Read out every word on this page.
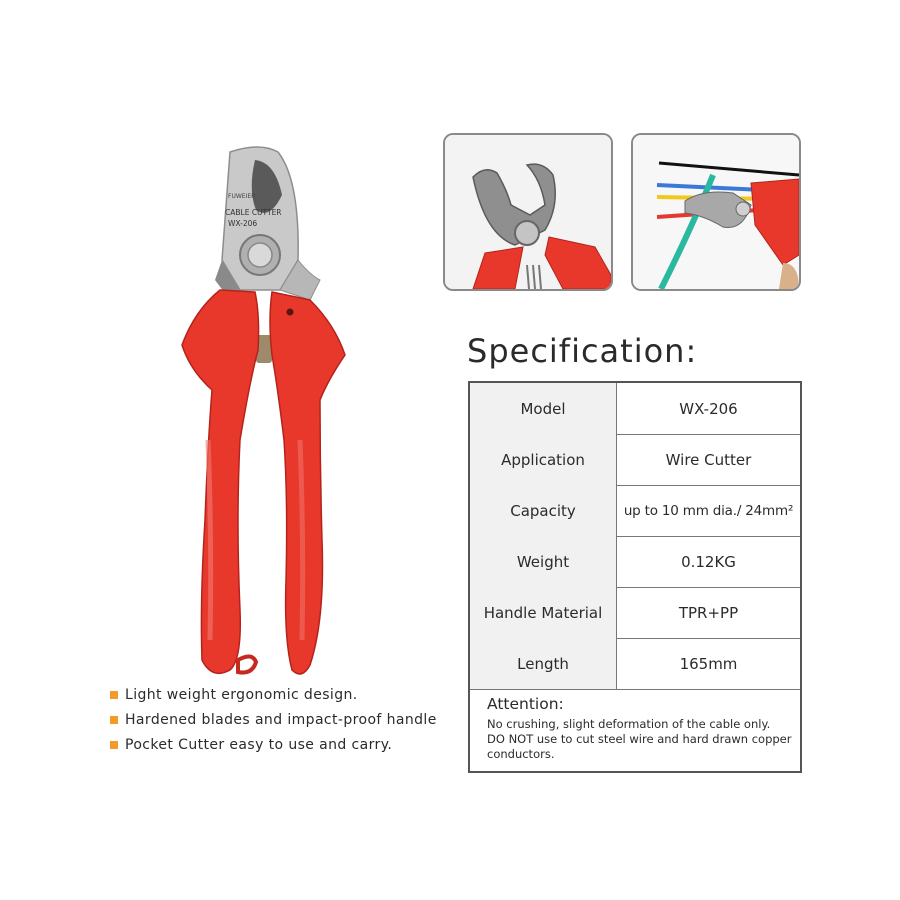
FUWEIER
CABLE CUTTER
WX-206
Specification:
Model	WX-206
Application	Wire Cutter
Capacity	up to 10 mm dia./ 24mm²
Weight	0.12KG
Handle Material	TPR+PP
Length	165mm
Attention:
No crushing, slight deformation of the cable only.
DO NOT use to cut steel wire and hard drawn copper
conductors.
Light weight ergonomic design.
Hardened blades and impact-proof handle
Pocket Cutter easy to use and carry.
